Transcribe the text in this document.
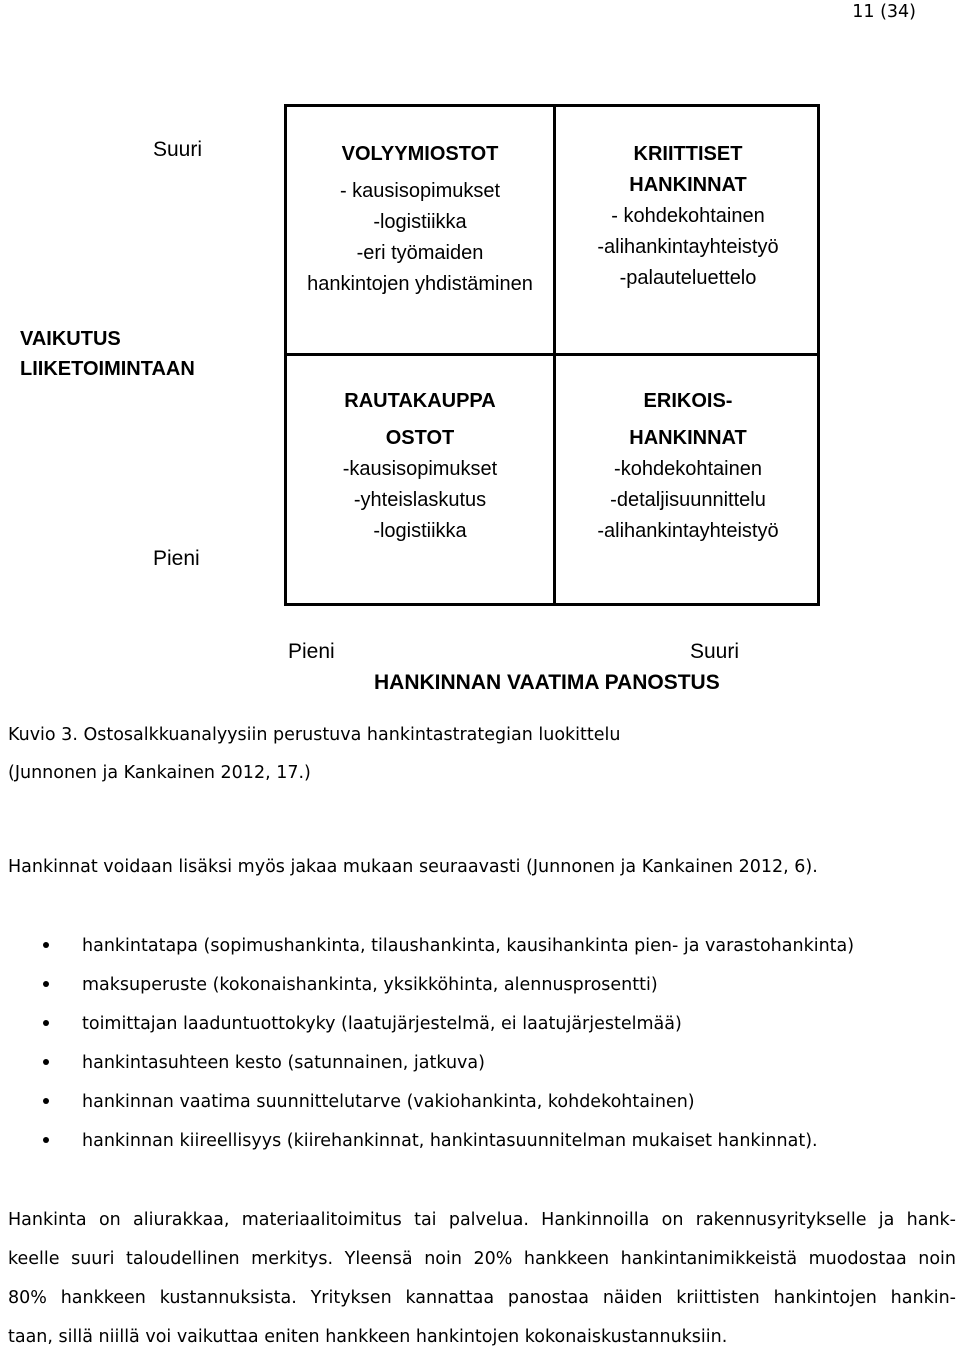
11 (34)
Suuri
Pieni
VAIKUTUS
LIIKETOIMINTAAN
VOLYYMIOSTOT
- kausisopimukset
-logistiikka
-eri työmaiden
hankintojen yhdistäminen
KRIITTISET
HANKINNAT
- kohdekohtainen
-alihankintayhteistyö
-palauteluettelo
RAUTAKAUPPA
OSTOT
-kausisopimukset
-yhteislaskutus
-logistiikka
ERIKOIS-
HANKINNAT
-kohdekohtainen
-detaljisuunnittelu
-alihankintayhteistyö
Pieni	Suuri
HANKINNAN VAATIMA PANOSTUS
Kuvio 3. Ostosalkkuanalyysiin perustuva hankintastrategian luokittelu
(Junnonen ja Kankainen 2012, 17.)
Hankinnat voidaan lisäksi myös jakaa mukaan seuraavasti (Junnonen ja Kankainen 2012, 6).
hankintatapa (sopimushankinta, tilaushankinta, kausihankinta pien- ja varastohankinta)
maksuperuste (kokonaishankinta, yksikköhinta, alennusprosentti)
toimittajan laaduntuottokyky (laatujärjestelmä, ei laatujärjestelmää)
hankintasuhteen kesto (satunnainen, jatkuva)
hankinnan vaatima suunnittelutarve (vakiohankinta, kohdekohtainen)
hankinnan kiireellisyys (kiirehankinnat, hankintasuunnitelman mukaiset hankinnat).
Hankinta on aliurakkaa, materiaalitoimitus tai palvelua. Hankinnoilla on rakennusyritykselle ja hank-
keelle suuri taloudellinen merkitys. Yleensä noin 20% hankkeen hankintanimikkeistä muodostaa noin
80% hankkeen kustannuksista. Yrityksen kannattaa panostaa näiden kriittisten hankintojen hankin-
taan, sillä niillä voi vaikuttaa eniten hankkeen hankintojen kokonaiskustannuksiin.
